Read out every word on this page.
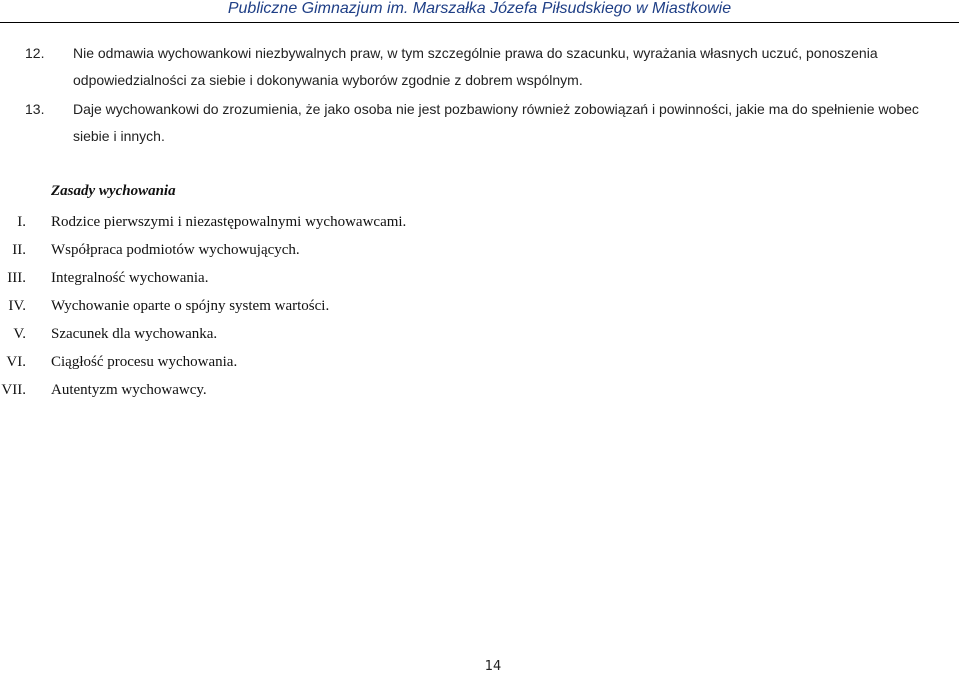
Publiczne Gimnazjum im. Marszałka Józefa Piłsudskiego w Miastkowie
12.	Nie odmawia wychowankowi niezbywalnych praw, w tym szczególnie prawa do szacunku, wyrażania własnych uczuć, ponoszenia odpowiedzialności za siebie i dokonywania wyborów zgodnie z dobrem wspólnym.
13.	Daje wychowankowi do zrozumienia, że jako osoba nie jest pozbawiony również zobowiązań i powinności, jakie ma do spełnienie wobec siebie i innych.
Zasady wychowania
I. Rodzice pierwszymi i niezastępowalnymi wychowawcami.
II. Współpraca podmiotów wychowujących.
III. Integralność wychowania.
IV. Wychowanie oparte o spójny system wartości.
V. Szacunek dla wychowanka.
VI. Ciągłość procesu wychowania.
VII. Autentyzm wychowawcy.
14
